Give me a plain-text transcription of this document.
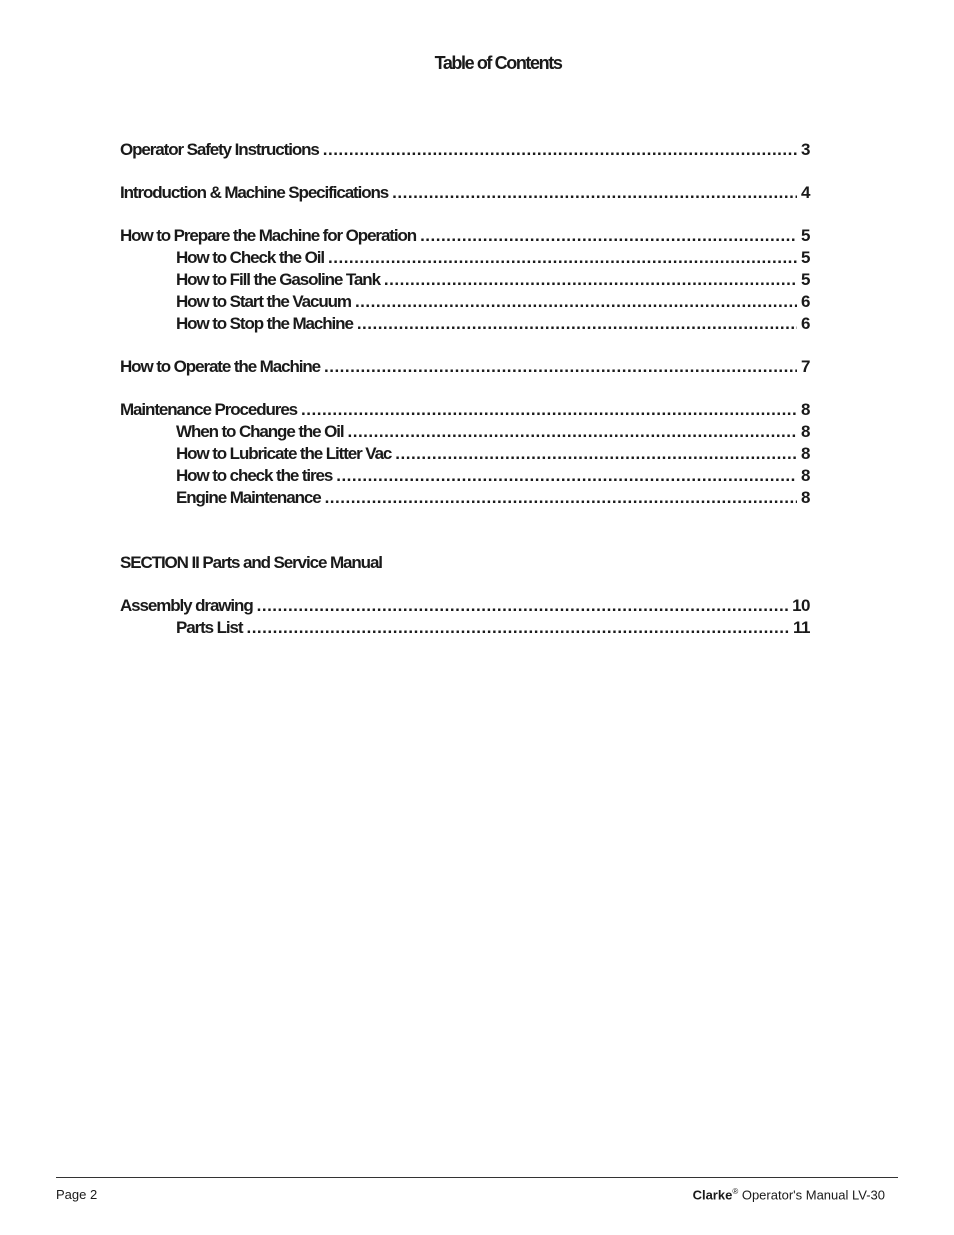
Table of Contents
Operator Safety Instructions .....	3
Introduction & Machine Specifications .....	4
How to Prepare the Machine for Operation .....	5
How to Check the Oil .....	5
How to Fill the Gasoline Tank .....	5
How to Start the Vacuum .....	6
How to Stop the Machine .....	6
How to Operate the Machine .....	7
Maintenance Procedures .....	8
When to Change the Oil .....	8
How to Lubricate the Litter Vac .....	8
How to check the tires .....	8
Engine Maintenance .....	8
SECTION II Parts and Service Manual
Assembly drawing .....	10
Parts List .....	11
Page 2	Clarke® Operator's Manual LV-30
